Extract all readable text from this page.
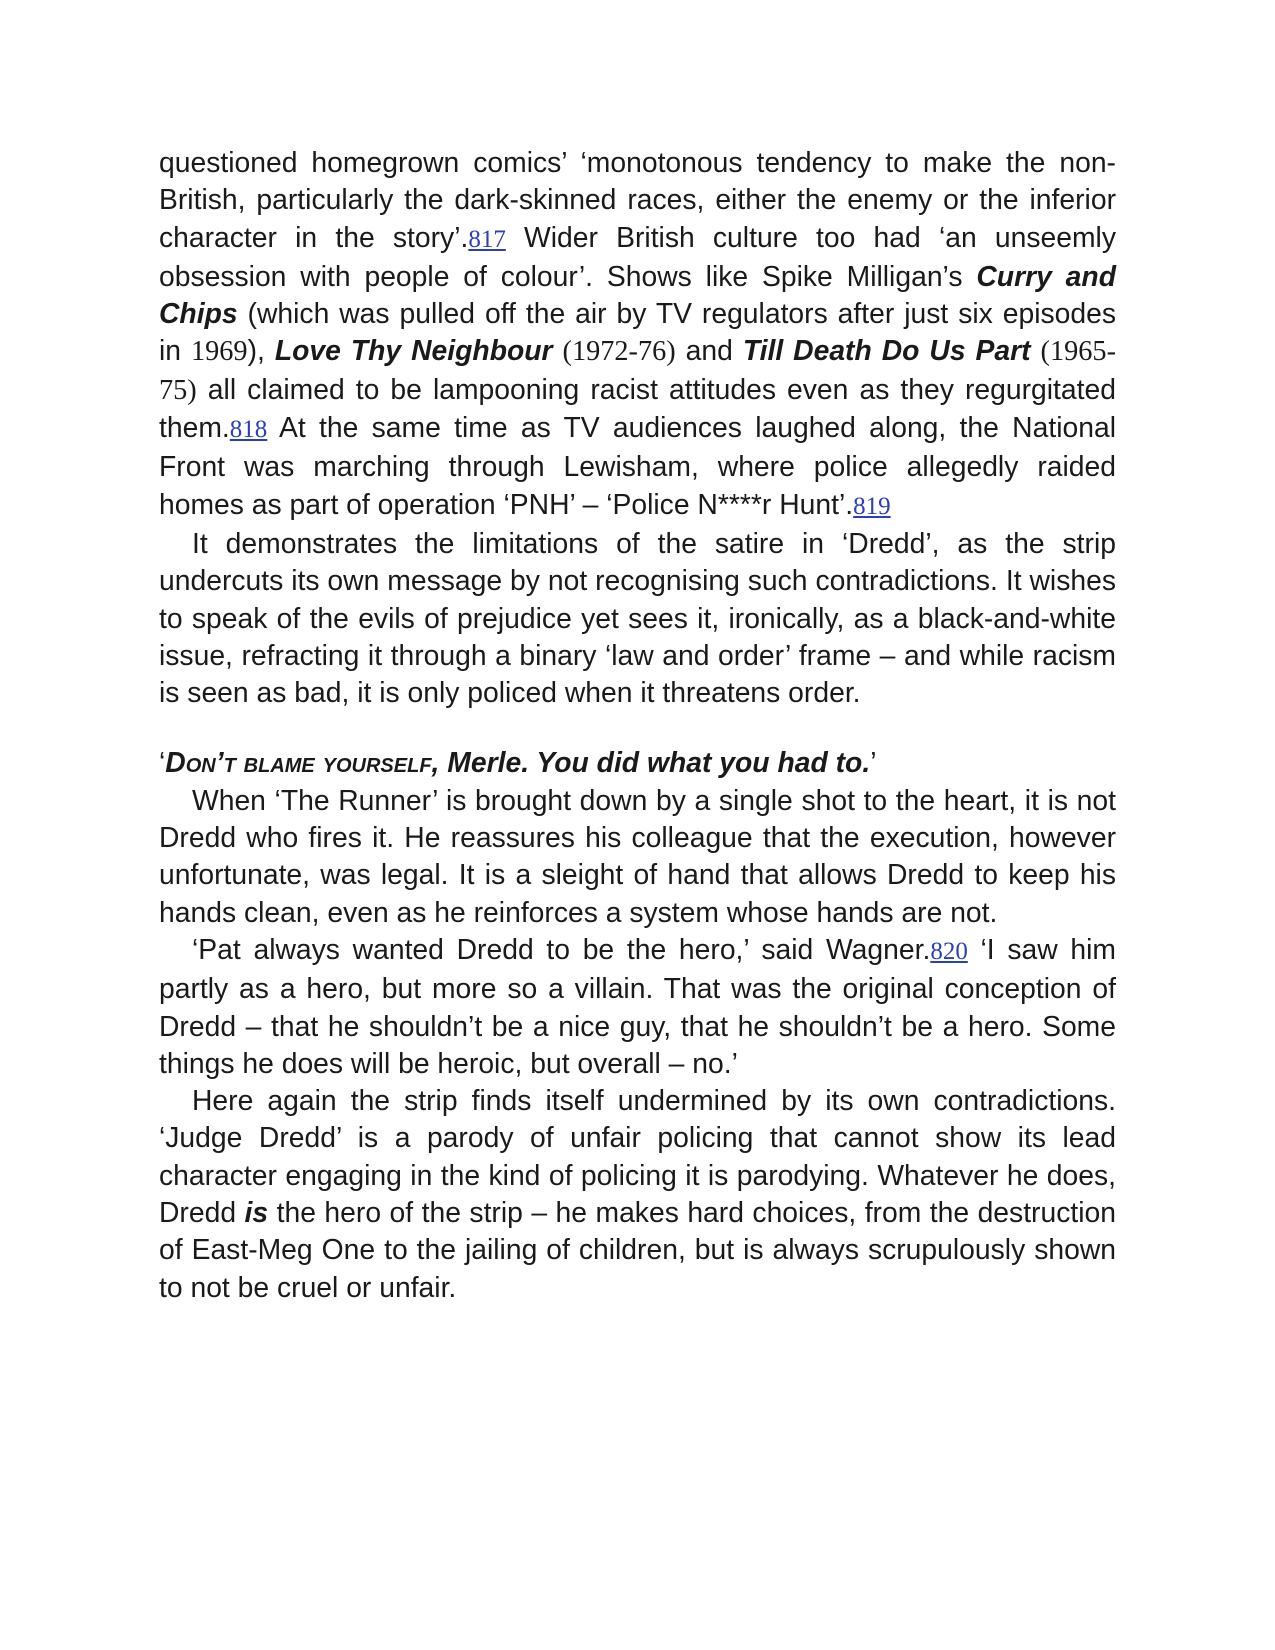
questioned homegrown comics’ ‘monotonous tendency to make the non-British, particularly the dark-skinned races, either the enemy or the inferior character in the story’.817 Wider British culture too had ‘an unseemly obsession with people of colour’. Shows like Spike Milligan’s Curry and Chips (which was pulled off the air by TV regulators after just six episodes in 1969), Love Thy Neighbour (1972-76) and Till Death Do Us Part (1965-75) all claimed to be lampooning racist attitudes even as they regurgitated them.818 At the same time as TV audiences laughed along, the National Front was marching through Lewisham, where police allegedly raided homes as part of operation ‘PNH’ – ‘Police N****r Hunt’.819

It demonstrates the limitations of the satire in ‘Dredd’, as the strip undercuts its own message by not recognising such contradictions. It wishes to speak of the evils of prejudice yet sees it, ironically, as a black-and-white issue, refracting it through a binary ‘law and order’ frame – and while racism is seen as bad, it is only policed when it threatens order.

‘Don’t blame yourself, Merle. You did what you had to.’

When ‘The Runner’ is brought down by a single shot to the heart, it is not Dredd who fires it. He reassures his colleague that the execution, however unfortunate, was legal. It is a sleight of hand that allows Dredd to keep his hands clean, even as he reinforces a system whose hands are not.

‘Pat always wanted Dredd to be the hero,’ said Wagner.820 ‘I saw him partly as a hero, but more so a villain. That was the original conception of Dredd – that he shouldn’t be a nice guy, that he shouldn’t be a hero. Some things he does will be heroic, but overall – no.’

Here again the strip finds itself undermined by its own contradictions. ‘Judge Dredd’ is a parody of unfair policing that cannot show its lead character engaging in the kind of policing it is parodying. Whatever he does, Dredd is the hero of the strip – he makes hard choices, from the destruction of East-Meg One to the jailing of children, but is always scrupulously shown to not be cruel or unfair.
